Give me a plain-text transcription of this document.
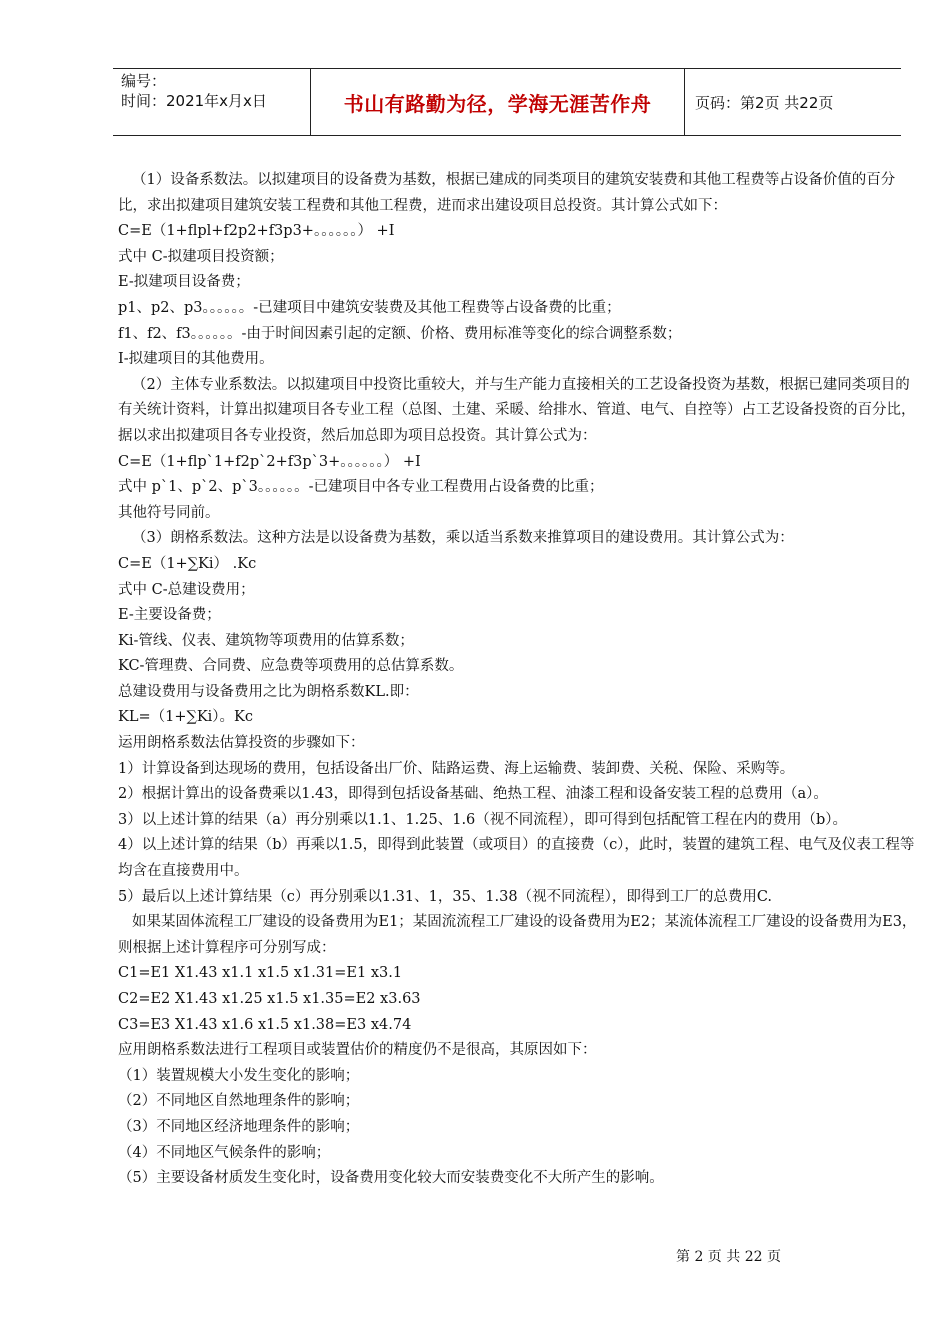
编号：
时间：2021年x月x日	书山有路勤为径，学海无涯苦作舟	页码：第2页 共22页

（1）设备系数法。以拟建项目的设备费为基数，根据已建成的同类项目的建筑安装费和其他工程费等占设备价值的百分比，求出拟建项目建筑安装工程费和其他工程费，进而求出建设项目总投资。其计算公式如下：

C=E（1+flpl+f2p2+f3p3+。。。。。。） +I

式中 C-拟建项目投资额；

E-拟建项目设备费；

p1、p2、p3。。。。。。-已建项目中建筑安装费及其他工程费等占设备费的比重；

f1、f2、f3。。。。。。-由于时间因素引起的定额、价格、费用标准等变化的综合调整系数；

I-拟建项目的其他费用。

（2）主体专业系数法。以拟建项目中投资比重较大，并与生产能力直接相关的工艺设备投资为基数，根据已建同类项目的有关统计资料，计算出拟建项目各专业工程（总图、土建、采暖、给排水、管道、电气、自控等）占工艺设备投资的百分比，据以求出拟建项目各专业投资，然后加总即为项目总投资。其计算公式为：

C=E（1+flp`1+f2p`2+f3p`3+。。。。。。） +I

式中 p`1、p`2、p`3。。。。。。-已建项目中各专业工程费用占设备费的比重；

其他符号同前。

（3）朗格系数法。这种方法是以设备费为基数，乘以适当系数来推算项目的建设费用。其计算公式为：

C=E（1+∑Ki） .Kc

式中 C-总建设费用；

E-主要设备费；

Ki-管线、仪表、建筑物等项费用的估算系数；

KC-管理费、合同费、应急费等项费用的总估算系数。

总建设费用与设备费用之比为朗格系数KL.即：

KL=（1+∑Ki）。Kc

运用朗格系数法估算投资的步骤如下：

1）计算设备到达现场的费用，包括设备出厂价、陆路运费、海上运输费、装卸费、关税、保险、采购等。

2）根据计算出的设备费乘以1.43，即得到包括设备基础、绝热工程、油漆工程和设备安装工程的总费用（a）。

3）以上述计算的结果（a）再分别乘以1.1、1.25、1.6（视不同流程），即可得到包括配管工程在内的费用（b）。

4）以上述计算的结果（b）再乘以1.5，即得到此装置（或项目）的直接费（c），此时，装置的建筑工程、电气及仪表工程等均含在直接费用中。

5）最后以上述计算结果（c）再分别乘以1.31、1，35、1.38（视不同流程），即得到工厂的总费用C.

如果某固体流程工厂建设的设备费用为E1；某固流流程工厂建设的设备费用为E2；某流体流程工厂建设的设备费用为E3，则根据上述计算程序可分别写成：

C1=E1 X1.43 x1.1 x1.5 x1.31=E1 x3.1

C2=E2 X1.43 x1.25 x1.5 x1.35=E2 x3.63

C3=E3 X1.43 x1.6 x1.5 x1.38=E3 x4.74

应用朗格系数法进行工程项目或装置估价的精度仍不是很高，其原因如下：

（1）装置规模大小发生变化的影响；

（2）不同地区自然地理条件的影响；

（3）不同地区经济地理条件的影响；

（4）不同地区气候条件的影响；

（5）主要设备材质发生变化时，设备费用变化较大而安装费变化不大所产生的影响。

第 2 页 共 22 页
